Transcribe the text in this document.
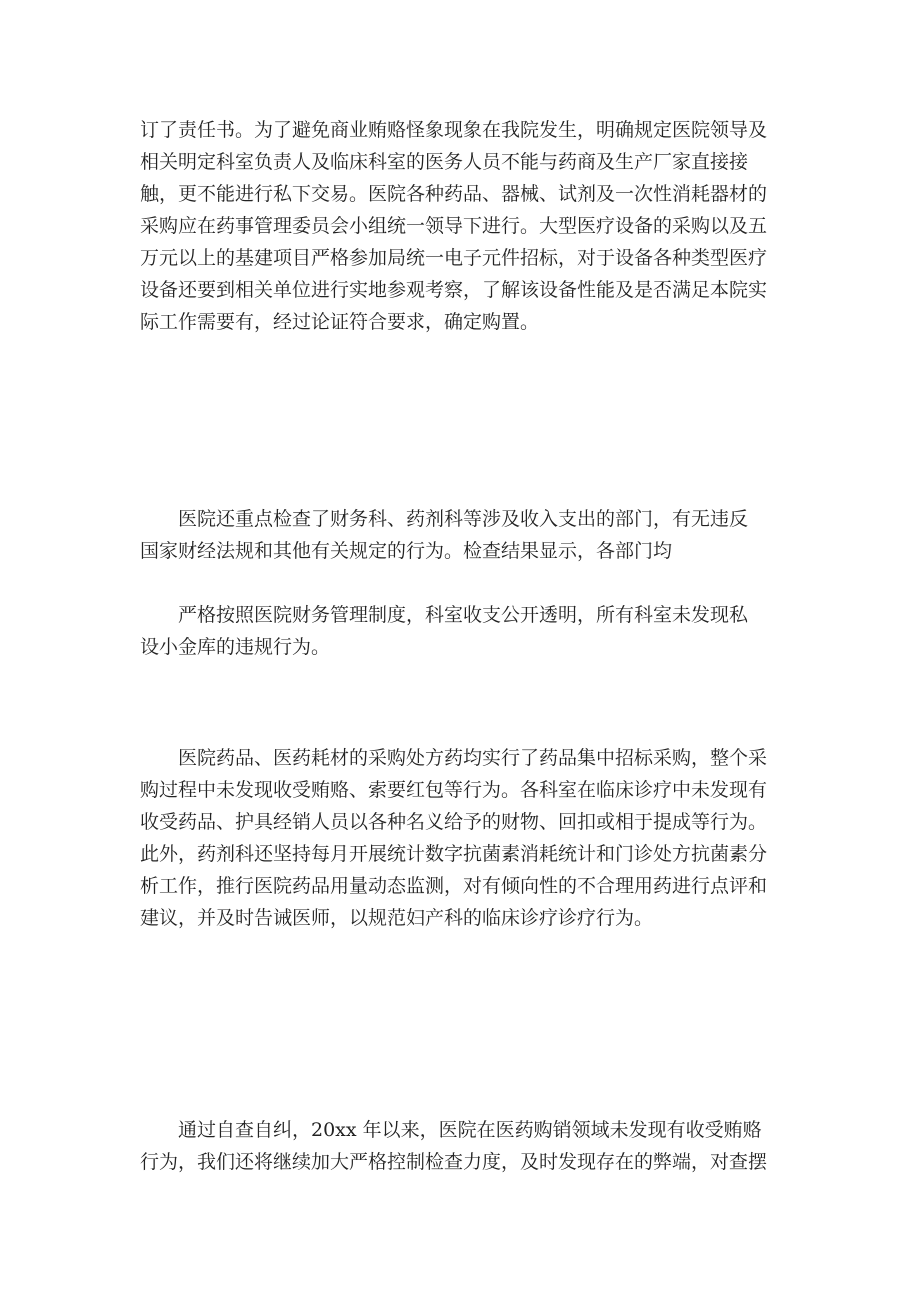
订了责任书。为了避免商业贿赂怪象现象在我院发生，明确规定医院领导及
相关明定科室负责人及临床科室的医务人员不能与药商及生产厂家直接接
触，更不能进行私下交易。医院各种药品、器械、试剂及一次性消耗器材的
采购应在药事管理委员会小组统一领导下进行。大型医疗设备的采购以及五
万元以上的基建项目严格参加局统一电子元件招标，对于设备各种类型医疗
设备还要到相关单位进行实地参观考察，了解该设备性能及是否满足本院实
际工作需要有，经过论证符合要求，确定购置。
医院还重点检查了财务科、药剂科等涉及收入支出的部门，有无违反
国家财经法规和其他有关规定的行为。检查结果显示，各部门均
严格按照医院财务管理制度，科室收支公开透明，所有科室未发现私
设小金库的违规行为。
医院药品、医药耗材的采购处方药均实行了药品集中招标采购，整个采
购过程中未发现收受贿赂、索要红包等行为。各科室在临床诊疗中未发现有
收受药品、护具经销人员以各种名义给予的财物、回扣或相于提成等行为。
此外，药剂科还坚持每月开展统计数字抗菌素消耗统计和门诊处方抗菌素分
析工作，推行医院药品用量动态监测，对有倾向性的不合理用药进行点评和
建议，并及时告诫医师，以规范妇产科的临床诊疗诊疗行为。
通过自查自纠，20xx 年以来，医院在医药购销领域未发现有收受贿赂
行为，我们还将继续加大严格控制检查力度，及时发现存在的弊端，对查摆
